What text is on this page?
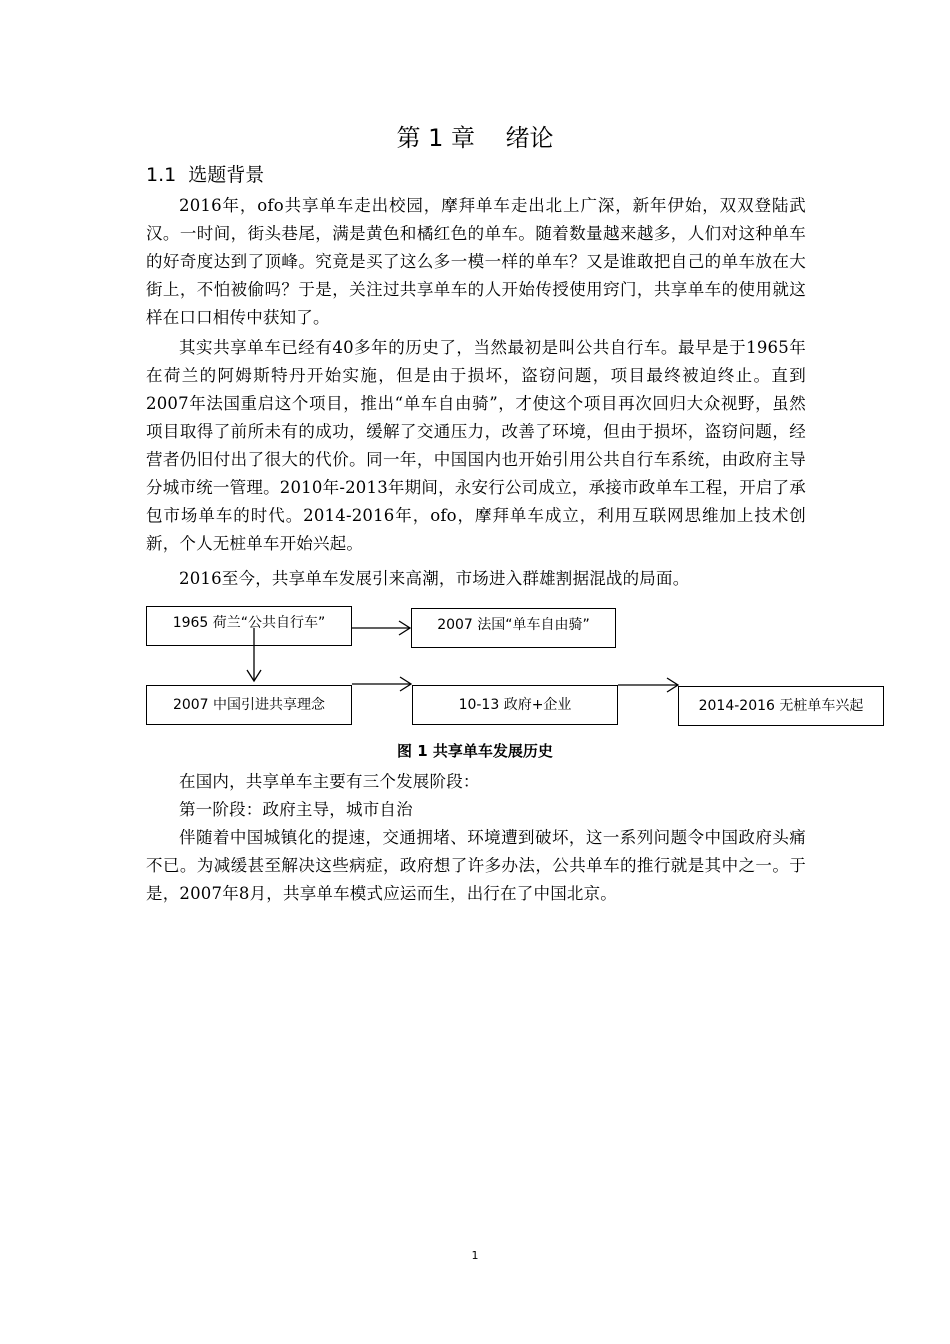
第 1 章    绪论
1.1  选题背景
2016年，ofo共享单车走出校园，摩拜单车走出北上广深，新年伊始，双双登陆武汉。一时间，街头巷尾，满是黄色和橘红色的单车。随着数量越来越多，人们对这种单车的好奇度达到了顶峰。究竟是买了这么多一模一样的单车？又是谁敢把自己的单车放在大街上，不怕被偷吗？于是，关注过共享单车的人开始传授使用窍门，共享单车的使用就这样在口口相传中获知了。
其实共享单车已经有40多年的历史了，当然最初是叫公共自行车。最早是于1965年在荷兰的阿姆斯特丹开始实施，但是由于损坏，盗窃问题，项目最终被迫终止。直到2007年法国重启这个项目，推出“单车自由骑”，才使这个项目再次回归大众视野，虽然项目取得了前所未有的成功，缓解了交通压力，改善了环境，但由于损坏，盗窃问题，经营者仍旧付出了很大的代价。同一年，中国国内也开始引用公共自行车系统，由政府主导分城市统一管理。2010年-2013年期间，永安行公司成立，承接市政单车工程，开启了承包市场单车的时代。2014-2016年，ofo，摩拜单车成立，利用互联网思维加上技术创新，个人无桩单车开始兴起。
2016至今，共享单车发展引来高潮，市场进入群雄割据混战的局面。
1965 荷兰“公共自行车”	2007 法国“单车自由骑”
2007 中国引进共享理念	10-13 政府+企业	2014-2016 无桩单车兴起
图 1 共享单车发展历史
在国内，共享单车主要有三个发展阶段：
第一阶段：政府主导，城市自治
伴随着中国城镇化的提速，交通拥堵、环境遭到破坏，这一系列问题令中国政府头痛不已。为减缓甚至解决这些病症，政府想了许多办法，公共单车的推行就是其中之一。于是，2007年8月，共享单车模式应运而生，出行在了中国北京。
1
